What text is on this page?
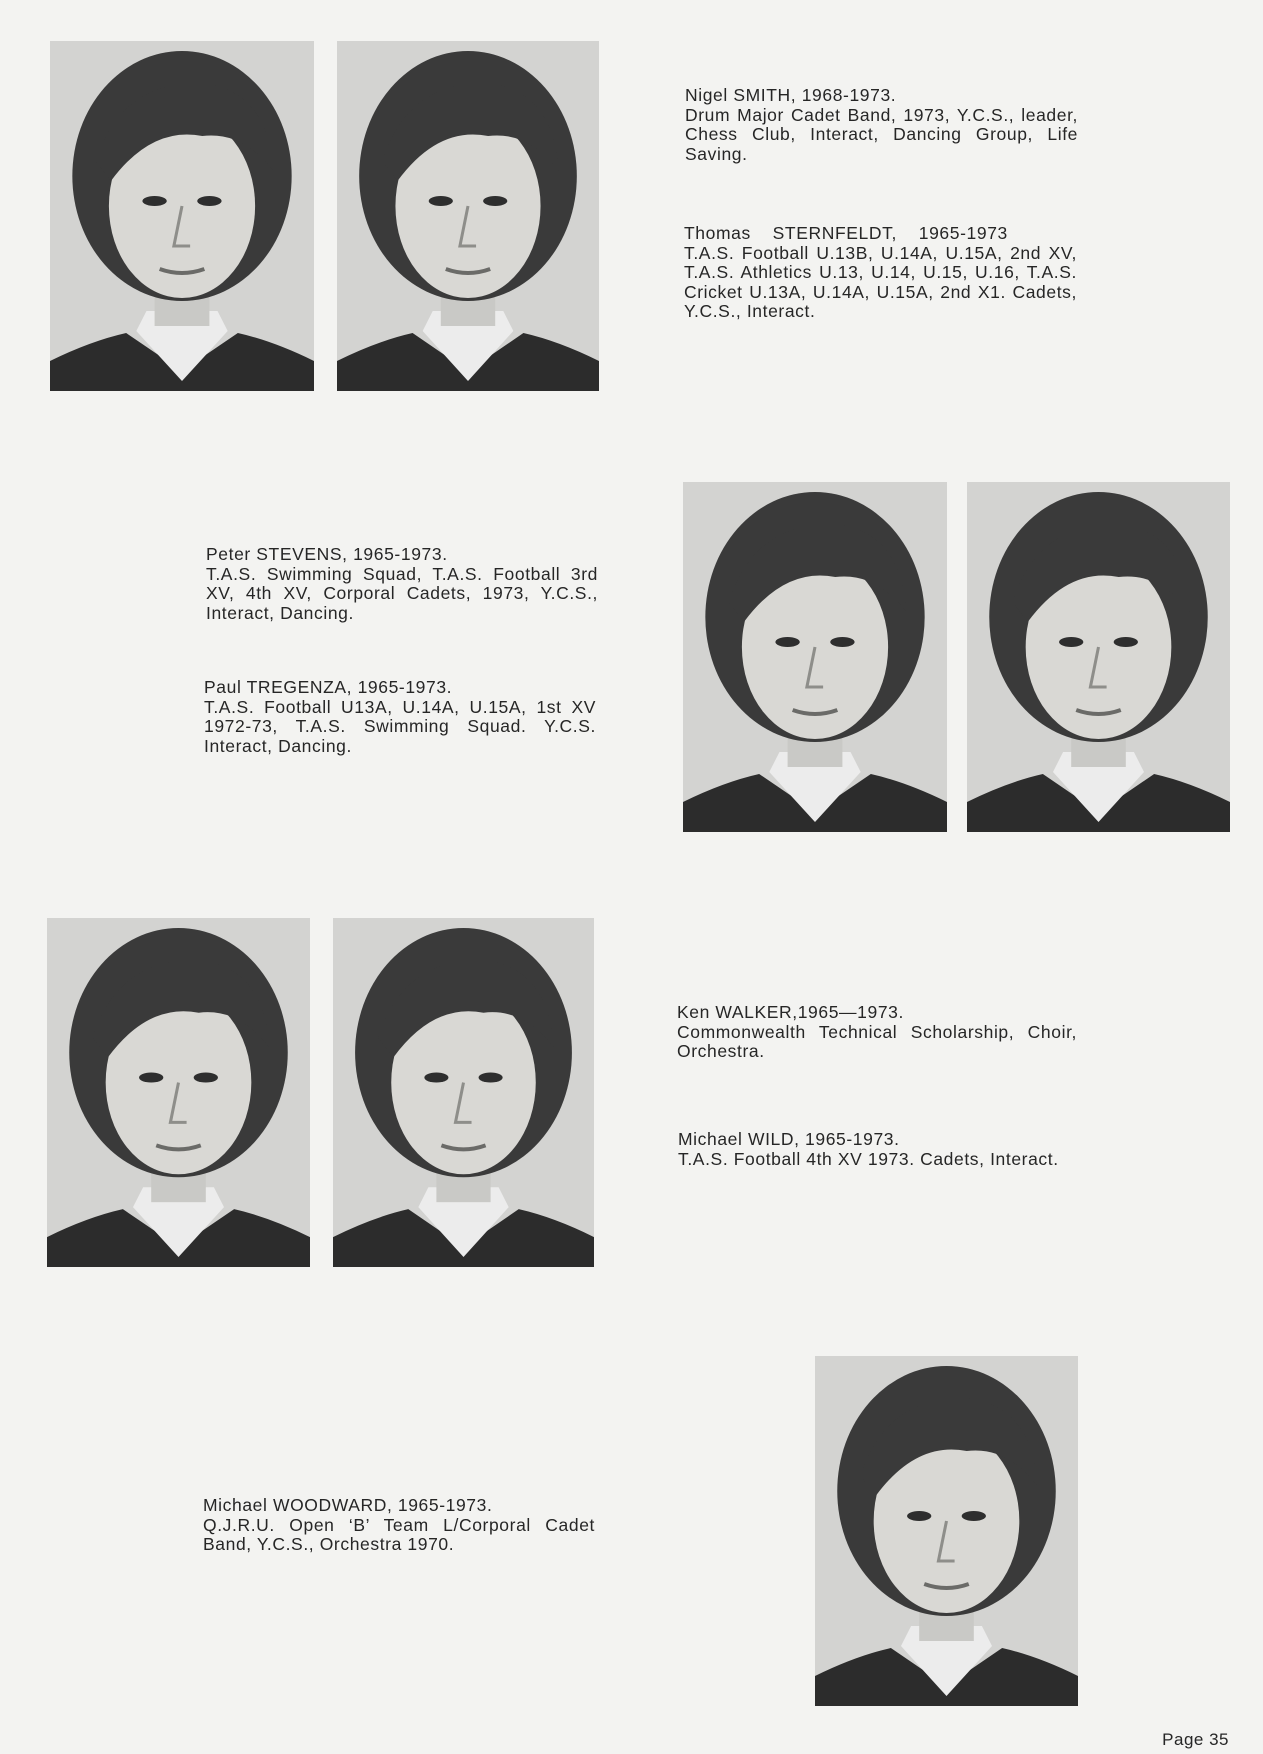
Nigel SMITH, 1968-1973.

Drum Major Cadet Band, 1973, Y.C.S., leader, Chess Club, Interact, Dancing Group, Life Saving.

Thomas    STERNFELDT,    1965-1973

T.A.S. Football U.13B, U.14A, U.15A, 2nd XV, T.A.S. Athletics U.13, U.14, U.15, U.16, T.A.S. Cricket U.13A, U.14A, U.15A, 2nd X1. Cadets, Y.C.S., Interact.

Peter STEVENS, 1965-1973.

T.A.S. Swimming Squad, T.A.S. Football 3rd XV, 4th XV, Corporal Cadets, 1973, Y.C.S., Interact, Dancing.

Paul TREGENZA, 1965-1973.

T.A.S. Football U13A, U.14A, U.15A, 1st XV 1972-73, T.A.S. Swimming Squad. Y.C.S. Interact, Dancing.

Ken WALKER,1965—1973.

Commonwealth Technical Scholarship, Choir, Orchestra.

Michael WILD, 1965-1973.

T.A.S. Football 4th XV 1973. Cadets, Interact.

Michael WOODWARD, 1965-1973.

Q.J.R.U. Open ‘B’ Team L/Corporal Cadet Band, Y.C.S., Orchestra 1970.

Page 35
